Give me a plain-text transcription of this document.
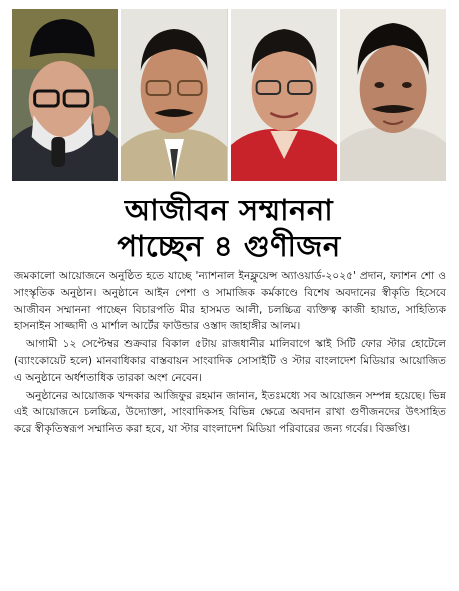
আজীবন সম্মাননা
পাচ্ছেন ৪ গুণীজন

জমকালো আয়োজনে অনুষ্ঠিত হতে যাচ্ছে 'ন্যাশনাল ইনফ্লুয়েন্স অ্যাওয়ার্ড-২০২৫' প্রদান, ফ্যাশন শো ও সাংস্কৃতিক অনুষ্ঠান। অনুষ্ঠানে আইন পেশা ও সামাজিক কর্মকাণ্ডে বিশেষ অবদানের স্বীকৃতি হিসেবে আজীবন সম্মাননা পাচ্ছেন বিচারপতি মীর হাসমত আলী, চলচ্চিত্র ব্যক্তিত্ব কাজী হায়াত, সাহিত্যিক হাসনাইন সাজ্জাদী ও মার্শাল আর্টের ফাউন্ডার ওস্তাদ জাহাঙ্গীর আলম।

আগামী ১২ সেপ্টেম্বর শুক্রবার বিকাল ৫টায় রাজধানীর মালিবাগে স্কাই সিটি ফোর স্টার হোটেলে (ব্যাংকোয়েট হলে) মানবাধিকার বাস্তবায়ন সাংবাদিক সোসাইটি ও স্টার বাংলাদেশ মিডিয়ার আয়োজিত এ অনুষ্ঠানে অর্ধশতাধিক তারকা অংশ নেবেন।

অনুষ্ঠানের আয়োজক খন্দকার আজিফুর রহমান জানান, ইতঃমধ্যে সব আয়োজন সম্পন্ন হয়েছে। ভিন্ন এই আয়োজনে চলচ্চিত্র, উদ্যোক্তা, সাংবাদিকসহ বিভিন্ন ক্ষেত্রে অবদান রাখা গুণীজনদের উৎসাহিত করে স্বীকৃতিস্বরূপ সম্মানিত করা হবে, যা স্টার বাংলাদেশ মিডিয়া পরিবারের জন্য গর্বের। বিজ্ঞপ্তি।
